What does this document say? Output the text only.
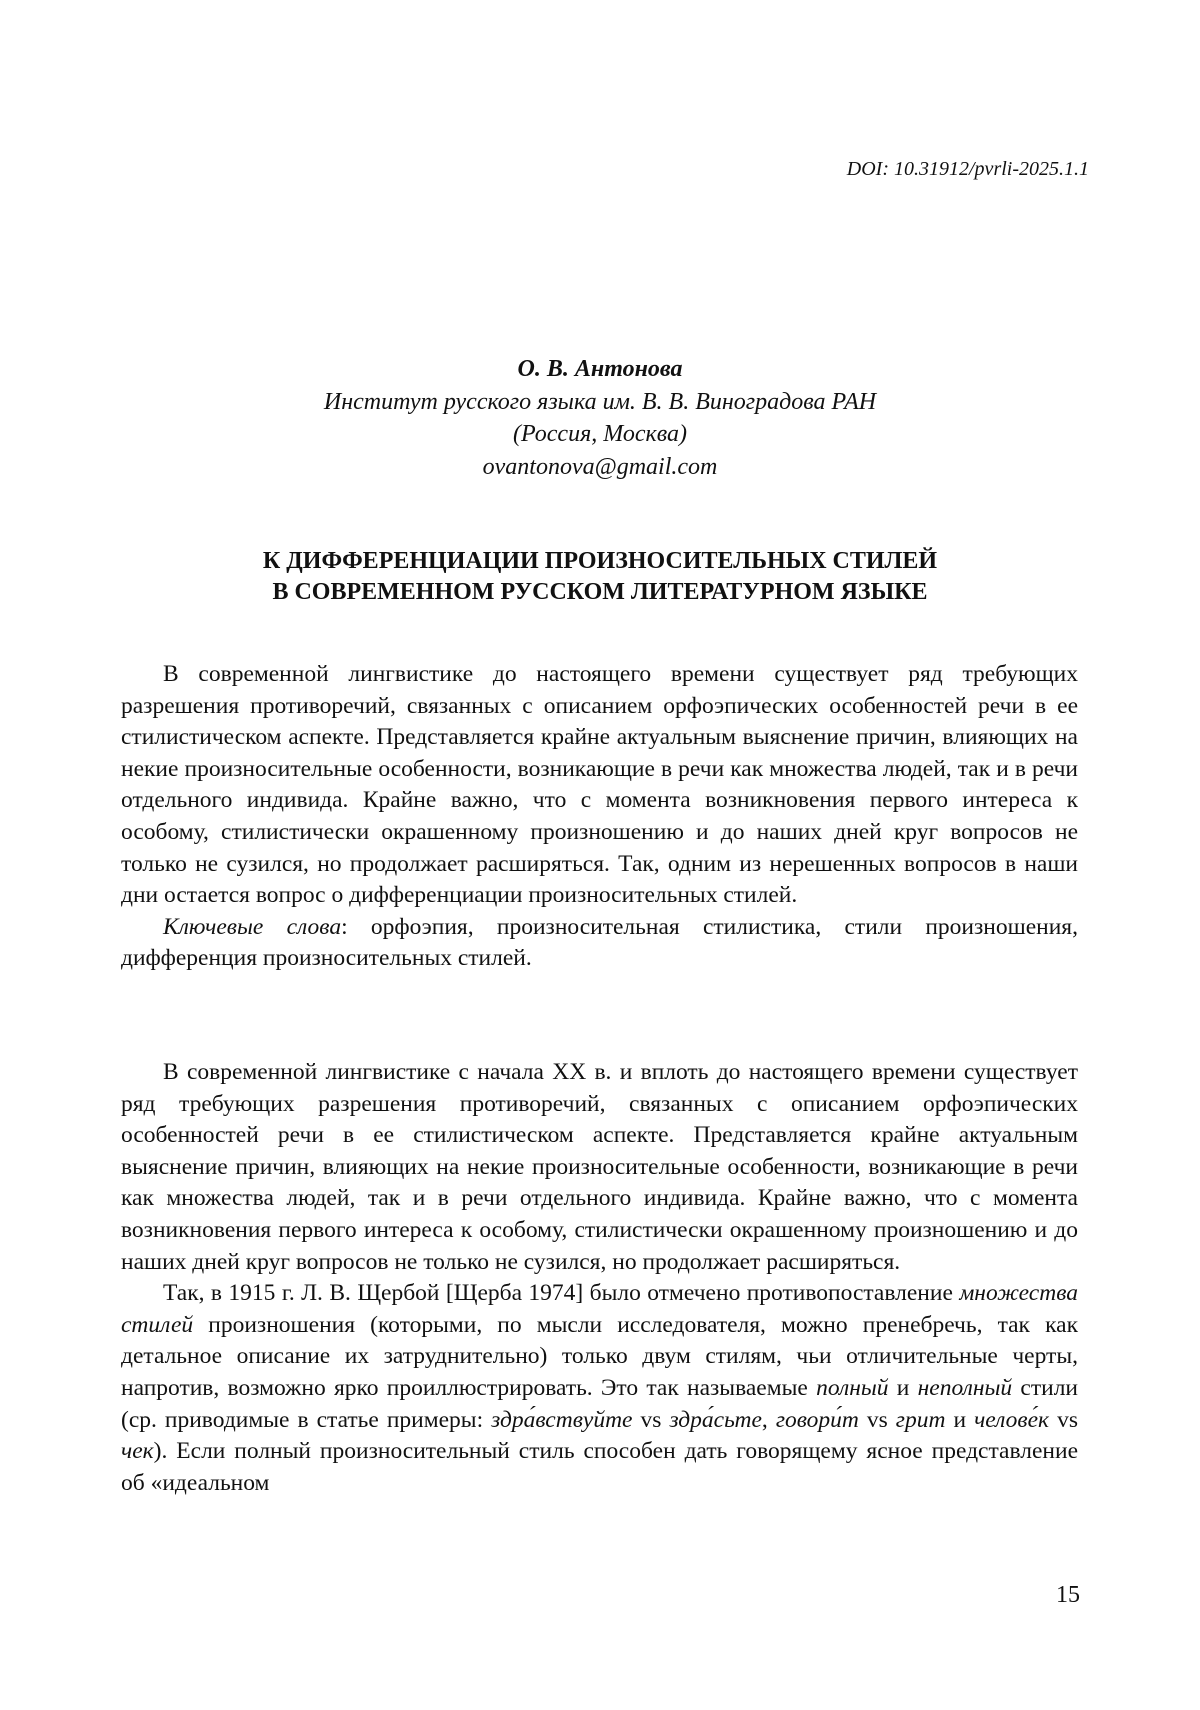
DOI: 10.31912/pvrli-2025.1.1
О. В. Антонова
Институт русского языка им. В. В. Виноградова РАН
(Россия, Москва)
ovantonova@gmail.com
К ДИФФЕРЕНЦИАЦИИ ПРОИЗНОСИТЕЛЬНЫХ СТИЛЕЙ
В СОВРЕМЕННОМ РУССКОМ ЛИТЕРАТУРНОМ ЯЗЫКЕ

В современной лингвистике до настоящего времени существует ряд требующих разрешения противоречий, связанных с описанием орфоэпических особенностей речи в ее стилистическом аспекте. Представляется крайне актуальным выяснение причин, влияющих на некие произносительные особенности, возникающие в речи как множества людей, так и в речи отдельного индивида. Крайне важно, что с момента возникновения первого интереса к особому, стилистически окрашенному произношению и до наших дней круг вопросов не только не сузился, но продолжает расширяться. Так, одним из нерешенных вопросов в наши дни остается вопрос о дифференциации произносительных стилей.

Ключевые слова: орфоэпия, произносительная стилистика, стили произношения, дифференция произносительных стилей.

В современной лингвистике с начала XX в. и вплоть до настоящего времени существует ряд требующих разрешения противоречий, связанных с описанием орфоэпических особенностей речи в ее стилистическом аспекте. Представляется крайне актуальным выяснение причин, влияющих на некие произносительные особенности, возникающие в речи как множества людей, так и в речи отдельного индивида. Крайне важно, что с момента возникновения первого интереса к особому, стилистически окрашенному произношению и до наших дней круг вопросов не только не сузился, но продолжает расширяться.

Так, в 1915 г. Л. В. Щербой [Щерба 1974] было отмечено противопоставление множества стилей произношения (которыми, по мысли исследователя, можно пренебречь, так как детальное описание их затруднительно) только двум стилям, чьи отличительные черты, напротив, возможно ярко проиллюстрировать. Это так называемые полный и неполный стили (ср. приводимые в статье примеры: здра́вствуйте vs здра́сьте, говори́т vs грит и челове́к vs чек). Если полный произносительный стиль способен дать говорящему ясное представление об «идеальном

15
